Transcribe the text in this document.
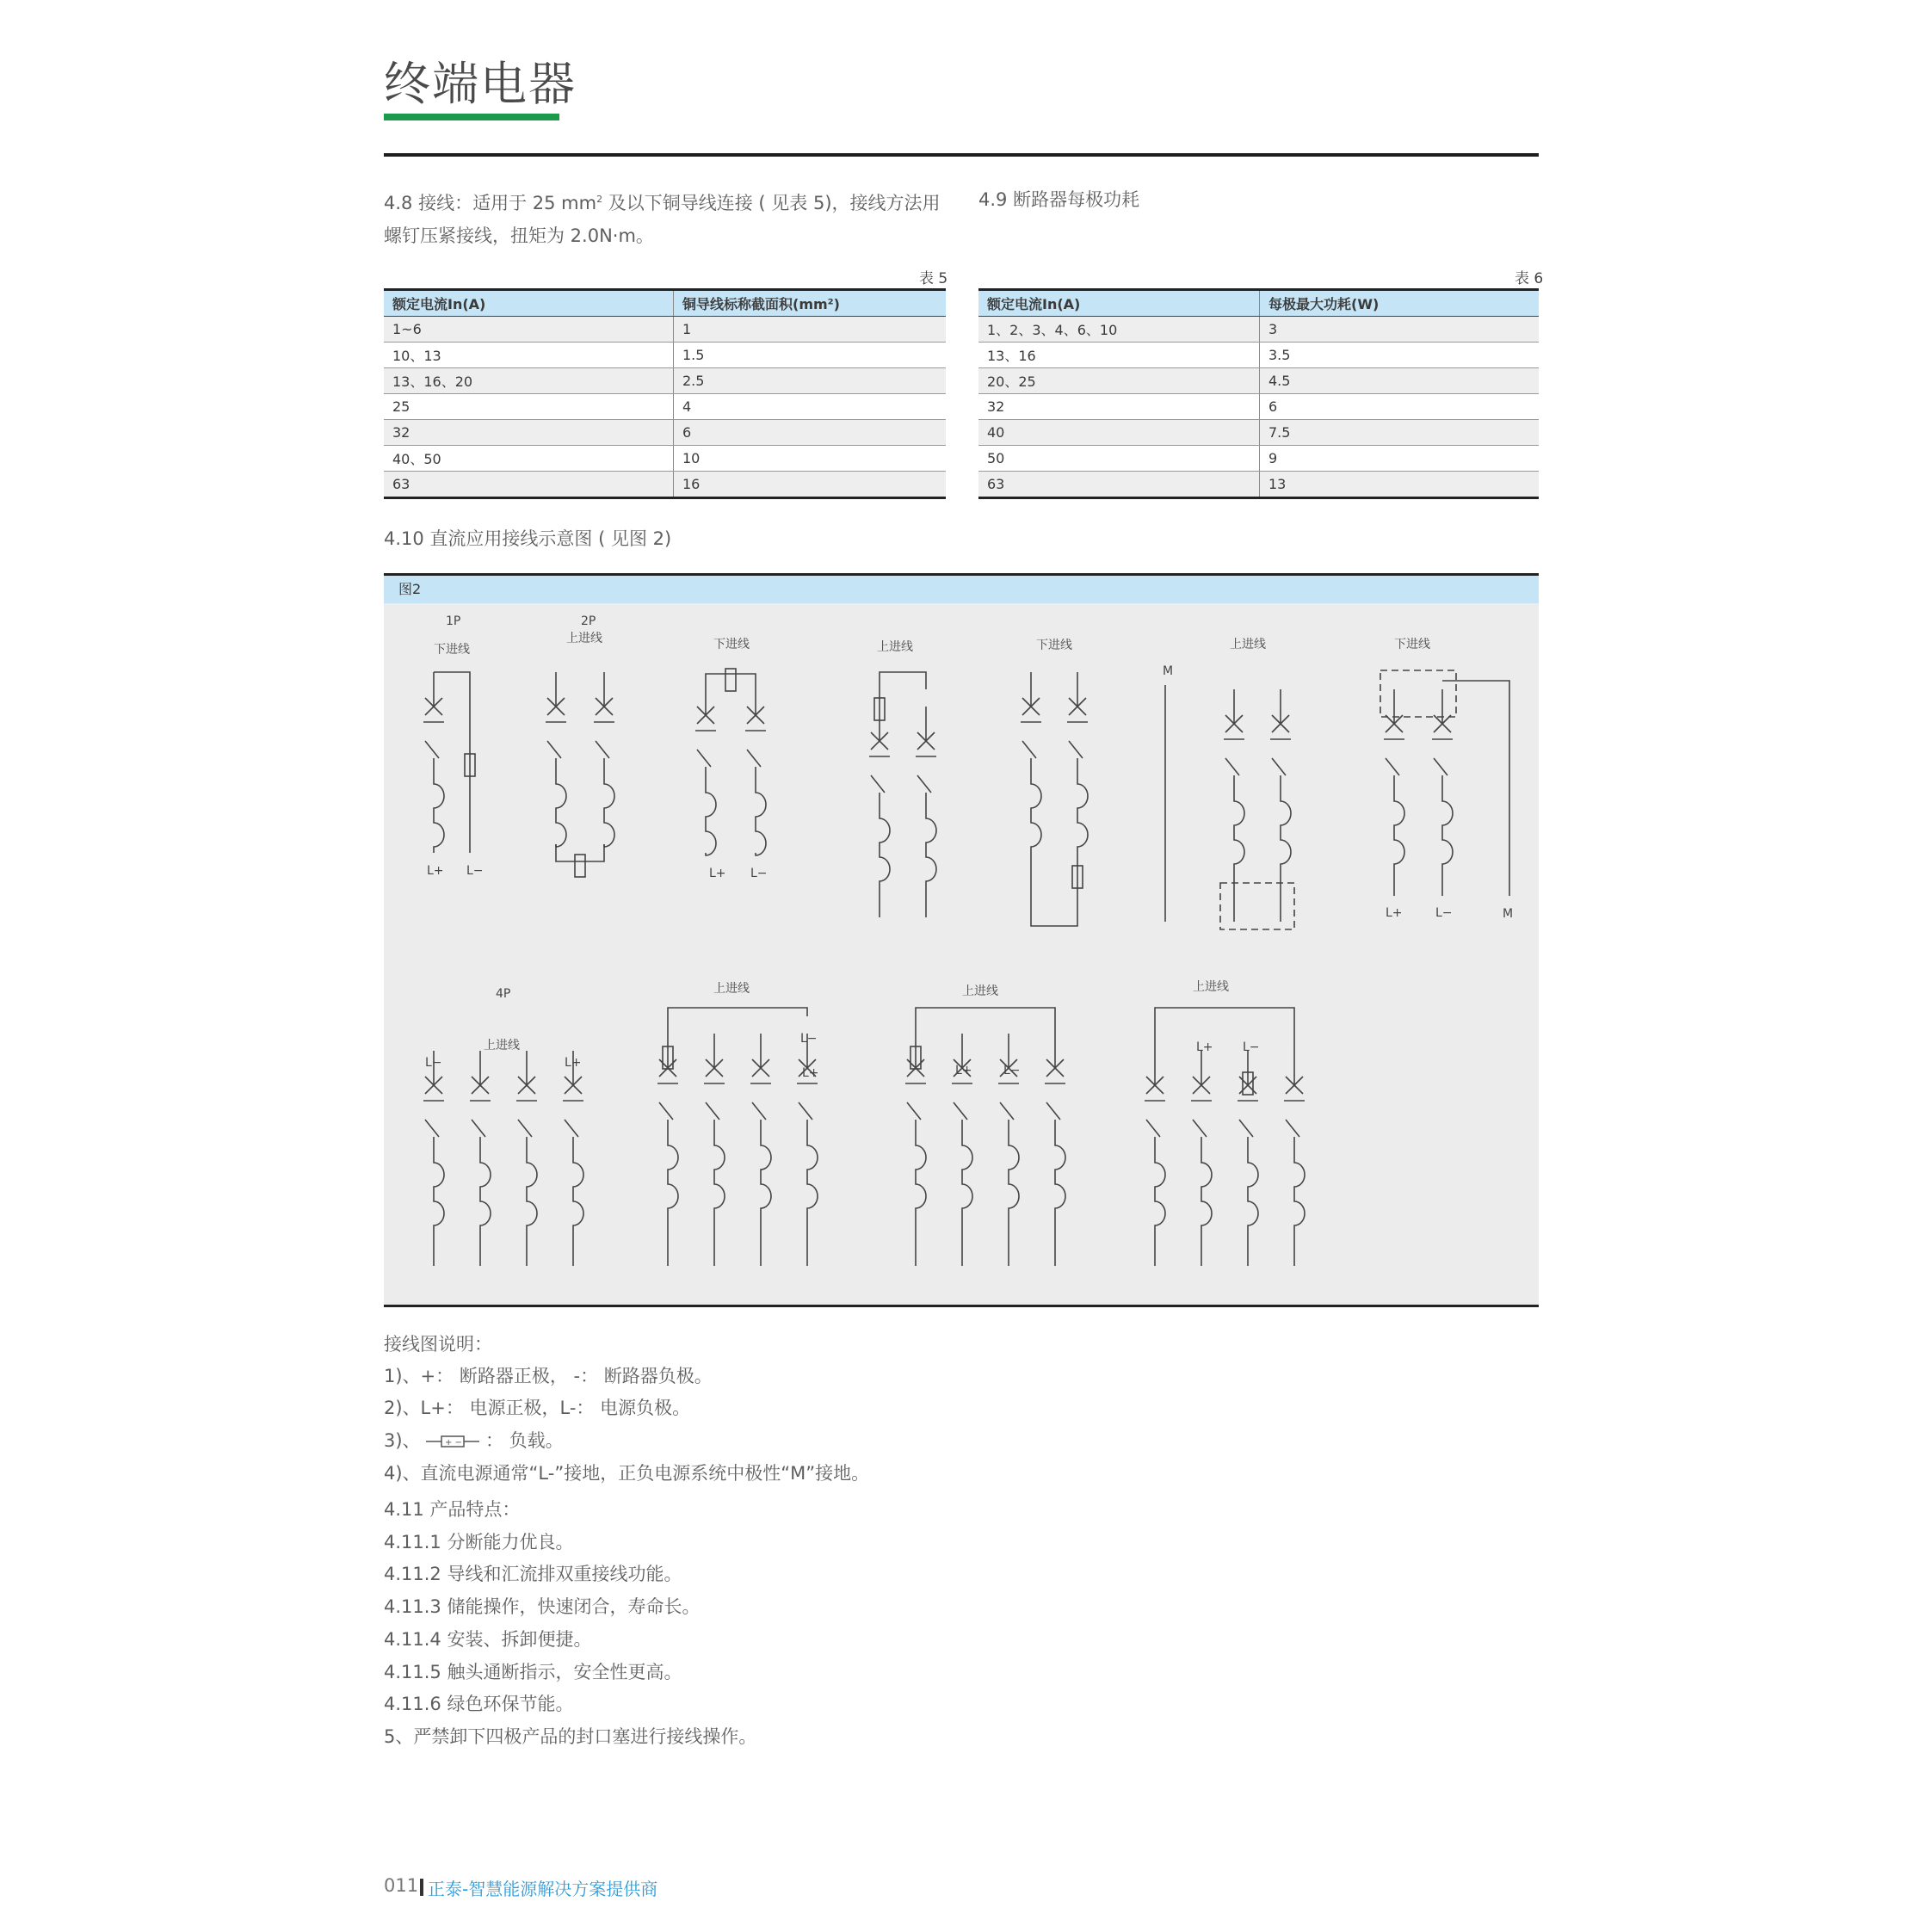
终端电器
4.8 接线：适用于 25 $mm^2$ 及以下铜导线连接 ( 见表 5)，接线方法用
螺钉压紧接线，扭矩为 2.0N·m。
4.9 断路器每极功耗
表 5
额定电流In(A)	铜导线标称截面积(mm²)
1~6	1
10、13	1.5
13、16、20	2.5
25	4
32	6
40、50	10
63	16
表 6
额定电流In(A)	每极最大功耗(W)
1、2、3、4、6、10	3
13、16	3.5
20、25	4.5
32	6
40	7.5
50	9
63	13
4.10 直流应用接线示意图 ( 见图 2)
图2
1P	2P
下进线
上进线	下进线	上进线	下进线	上进线	下进线
M
M
4P
上进线
上进线	上进线	上进线
L+ L−	L+ L−
L+	L−
L−	L+
L−
L+	L+	L−
L+ L−
接线图说明：
1)、+： 断路器正极， -： 断路器负极。
2)、L+： 电源正极，L-： 电源负极。
3)、	+ − ： 负载。
4)、直流电源通常“L-”接地，正负电源系统中极性“M”接地。
4.11 产品特点：
4.11.1 分断能力优良。
4.11.2 导线和汇流排双重接线功能。
4.11.3 储能操作，快速闭合，寿命长。
4.11.4 安装、拆卸便捷。
4.11.5 触头通断指示，安全性更高。
4.11.6 绿色环保节能。
5、严禁卸下四极产品的封口塞进行接线操作。
011 正泰-智慧能源解决方案提供商
